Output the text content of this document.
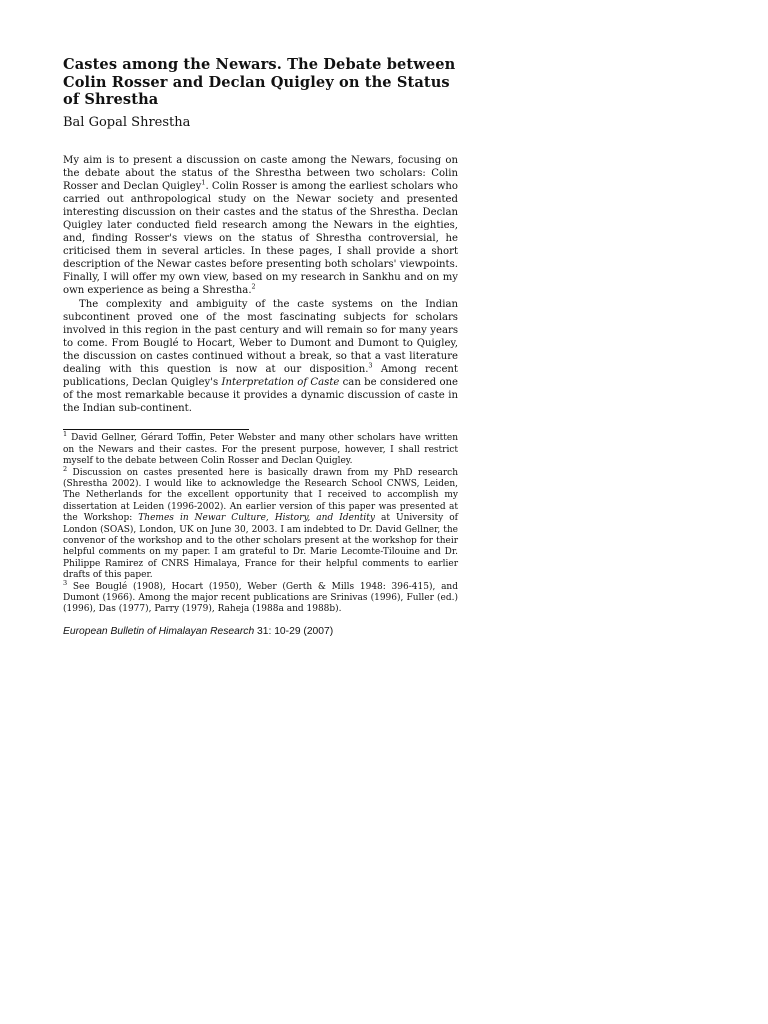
Castes among the Newars. The Debate between Colin Rosser and Declan Quigley on the Status of Shrestha
Bal Gopal Shrestha

My aim is to present a discussion on caste among the Newars, focusing on the debate about the status of the Shrestha between two scholars: Colin Rosser and Declan Quigley$^1$. Colin Rosser is among the earliest scholars who carried out anthropological study on the Newar society and presented interesting discussion on their castes and the status of the Shrestha. Declan Quigley later conducted field research among the Newars in the eighties, and, finding Rosser's views on the status of Shrestha controversial, he criticised them in several articles. In these pages, I shall provide a short description of the Newar castes before presenting both scholars' viewpoints. Finally, I will offer my own view, based on my research in Sankhu and on my own experience as being a Shrestha.$^2$

The complexity and ambiguity of the caste systems on the Indian subcontinent proved one of the most fascinating subjects for scholars involved in this region in the past century and will remain so for many years to come. From Bouglé to Hocart, Weber to Dumont and Dumont to Quigley, the discussion on castes continued without a break, so that a vast literature dealing with this question is now at our disposition.$^3$ Among recent publications, Declan Quigley's Interpretation of Caste can be considered one of the most remarkable because it provides a dynamic discussion of caste in the Indian sub-continent.

$^1$ David Gellner, Gérard Toffin, Peter Webster and many other scholars have written on the Newars and their castes. For the present purpose, however, I shall restrict myself to the debate between Colin Rosser and Declan Quigley.

$^2$ Discussion on castes presented here is basically drawn from my PhD research (Shrestha 2002). I would like to acknowledge the Research School CNWS, Leiden, The Netherlands for the excellent opportunity that I received to accomplish my dissertation at Leiden (1996-2002). An earlier version of this paper was presented at the Workshop: Themes in Newar Culture, History, and Identity at University of London (SOAS), London, UK on June 30, 2003. I am indebted to Dr. David Gellner, the convenor of the workshop and to the other scholars present at the workshop for their helpful comments on my paper. I am grateful to Dr. Marie Lecomte-Tilouine and Dr. Philippe Ramirez of CNRS Himalaya, France for their helpful comments to earlier drafts of this paper.

$^3$ See Bouglé (1908), Hocart (1950), Weber (Gerth & Mills 1948: 396-415), and Dumont (1966). Among the major recent publications are Srinivas (1996), Fuller (ed.) (1996), Das (1977), Parry (1979), Raheja (1988a and 1988b).

European Bulletin of Himalayan Research 31: 10-29 (2007)
